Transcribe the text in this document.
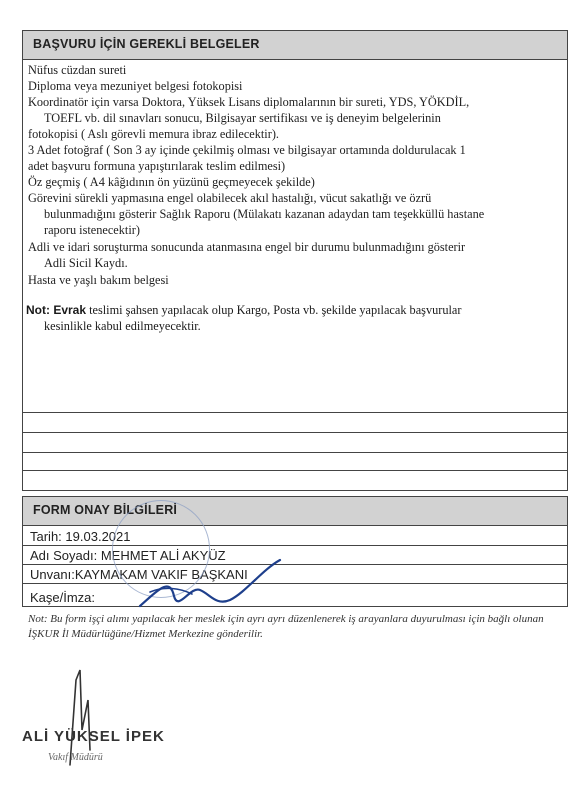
BAŞVURU İÇİN GEREKLİ BELGELER
Nüfus cüzdan sureti
Diploma veya mezuniyet belgesi fotokopisi
Koordinatör için varsa Doktora, Yüksek Lisans diplomalarının bir sureti, YDS, YÖKDİL,
TOEFL vb. dil sınavları sonucu, Bilgisayar sertifikası ve iş deneyim belgelerinin
fotokopisi ( Aslı görevli memura ibraz edilecektir).
3 Adet fotoğraf ( Son 3 ay içinde çekilmiş olması ve bilgisayar ortamında doldurulacak 1
adet başvuru formuna yapıştırılarak teslim edilmesi)
Öz geçmiş ( A4 kâğıdının ön yüzünü geçmeyecek şekilde)
Görevini sürekli yapmasına engel olabilecek akıl hastalığı, vücut sakatlığı ve özrü
bulunmadığını gösterir Sağlık Raporu (Mülakatı kazanan adaydan tam teşekküllü hastane
raporu istenecektir)
Adli ve idari soruşturma sonucunda atanmasına engel bir durumu bulunmadığını gösterir
Adli Sicil Kaydı.
Hasta ve yaşlı bakım belgesi
Not: Evrak teslimi şahsen yapılacak olup Kargo, Posta vb. şekilde yapılacak başvurular
kesinlikle kabul edilmeyecektir.
FORM ONAY BİLGİLERİ
Tarih: 19.03.2021
Adı Soyadı: MEHMET ALİ AKYÜZ
Unvanı:KAYMAKAM VAKIF BAŞKANI
Kaşe/İmza:
Not: Bu form işçi alımı yapılacak her meslek için ayrı ayrı düzenlenerek iş arayanlara duyurulması için bağlı olunan İŞKUR İl Müdürlüğüne/Hizmet Merkezine gönderilir.
ALİ YÜKSEL İPEK
Vakıf Müdürü
